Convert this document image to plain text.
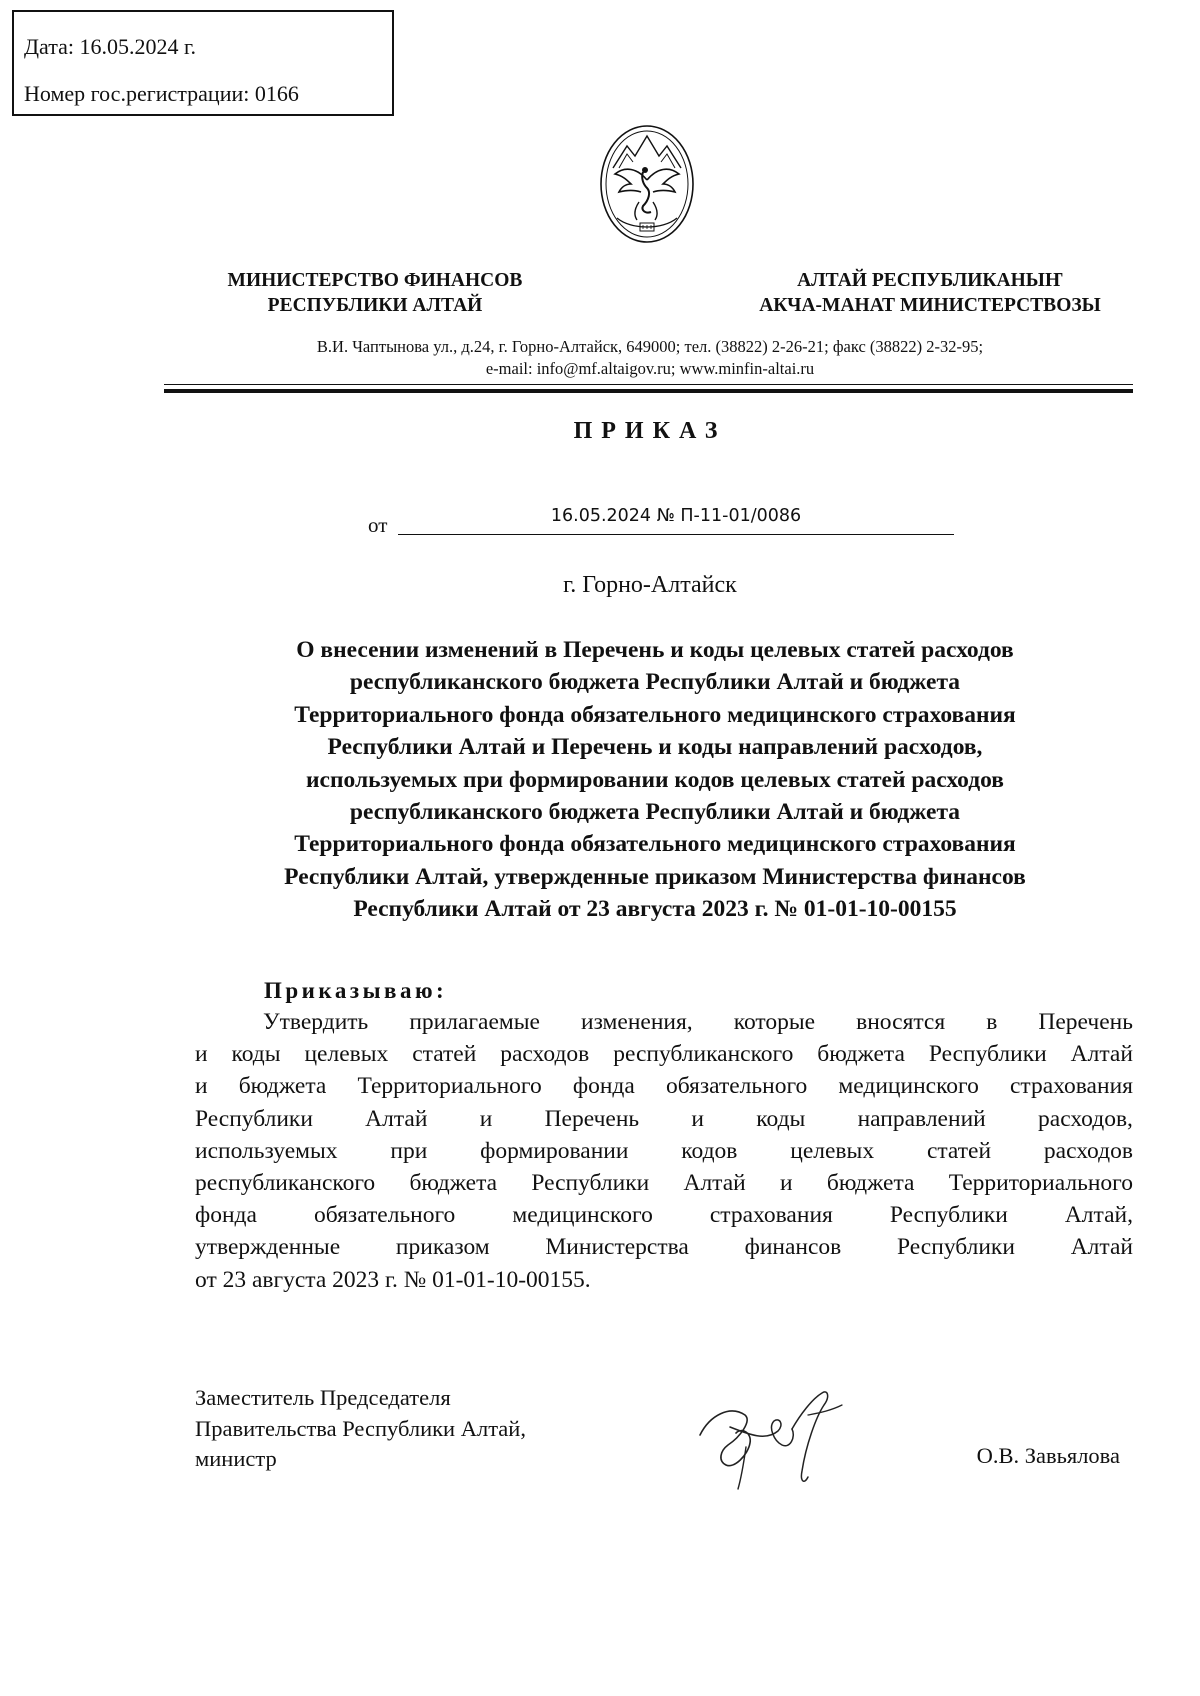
Дата: 16.05.2024 г.
Номер гос.регистрации: 0166
МИНИСТЕРСТВО ФИНАНСОВ
РЕСПУБЛИКИ АЛТАЙ
АЛТАЙ РЕСПУБЛИКАНЫҤ
АКЧА-МАНАТ МИНИСТЕРСТВОЗЫ
В.И. Чаптынова ул., д.24, г. Горно-Алтайск, 649000; тел. (38822) 2-26-21; факс (38822) 2-32-95;
e-mail: info@mf.altaigov.ru; www.minfin-altai.ru
ПРИКАЗ
от	16.05.2024 № П-11-01/0086
г. Горно-Алтайск
О внесении изменений в Перечень и коды целевых статей расходов
республиканского бюджета Республики Алтай и бюджета
Территориального фонда обязательного медицинского страхования
Республики Алтай и Перечень и коды направлений расходов,
используемых при формировании кодов целевых статей расходов
республиканского бюджета Республики Алтай и бюджета
Территориального фонда обязательного медицинского страхования
Республики Алтай, утвержденные приказом Министерства финансов
Республики Алтай от 23 августа 2023 г. № 01-01-10-00155
Приказываю:
Утвердить прилагаемые изменения, которые вносятся в Перечень
и коды целевых статей расходов республиканского бюджета Республики Алтай
и бюджета Территориального фонда обязательного медицинского страхования
Республики Алтай и Перечень и коды направлений расходов,
используемых при формировании кодов целевых статей расходов
республиканского бюджета Республики Алтай и бюджета Территориального
фонда обязательного медицинского страхования Республики Алтай,
утвержденные приказом Министерства финансов Республики Алтай
от 23 августа 2023 г. № 01-01-10-00155.
Заместитель Председателя
Правительства Республики Алтай,
министр	О.В. Завьялова
